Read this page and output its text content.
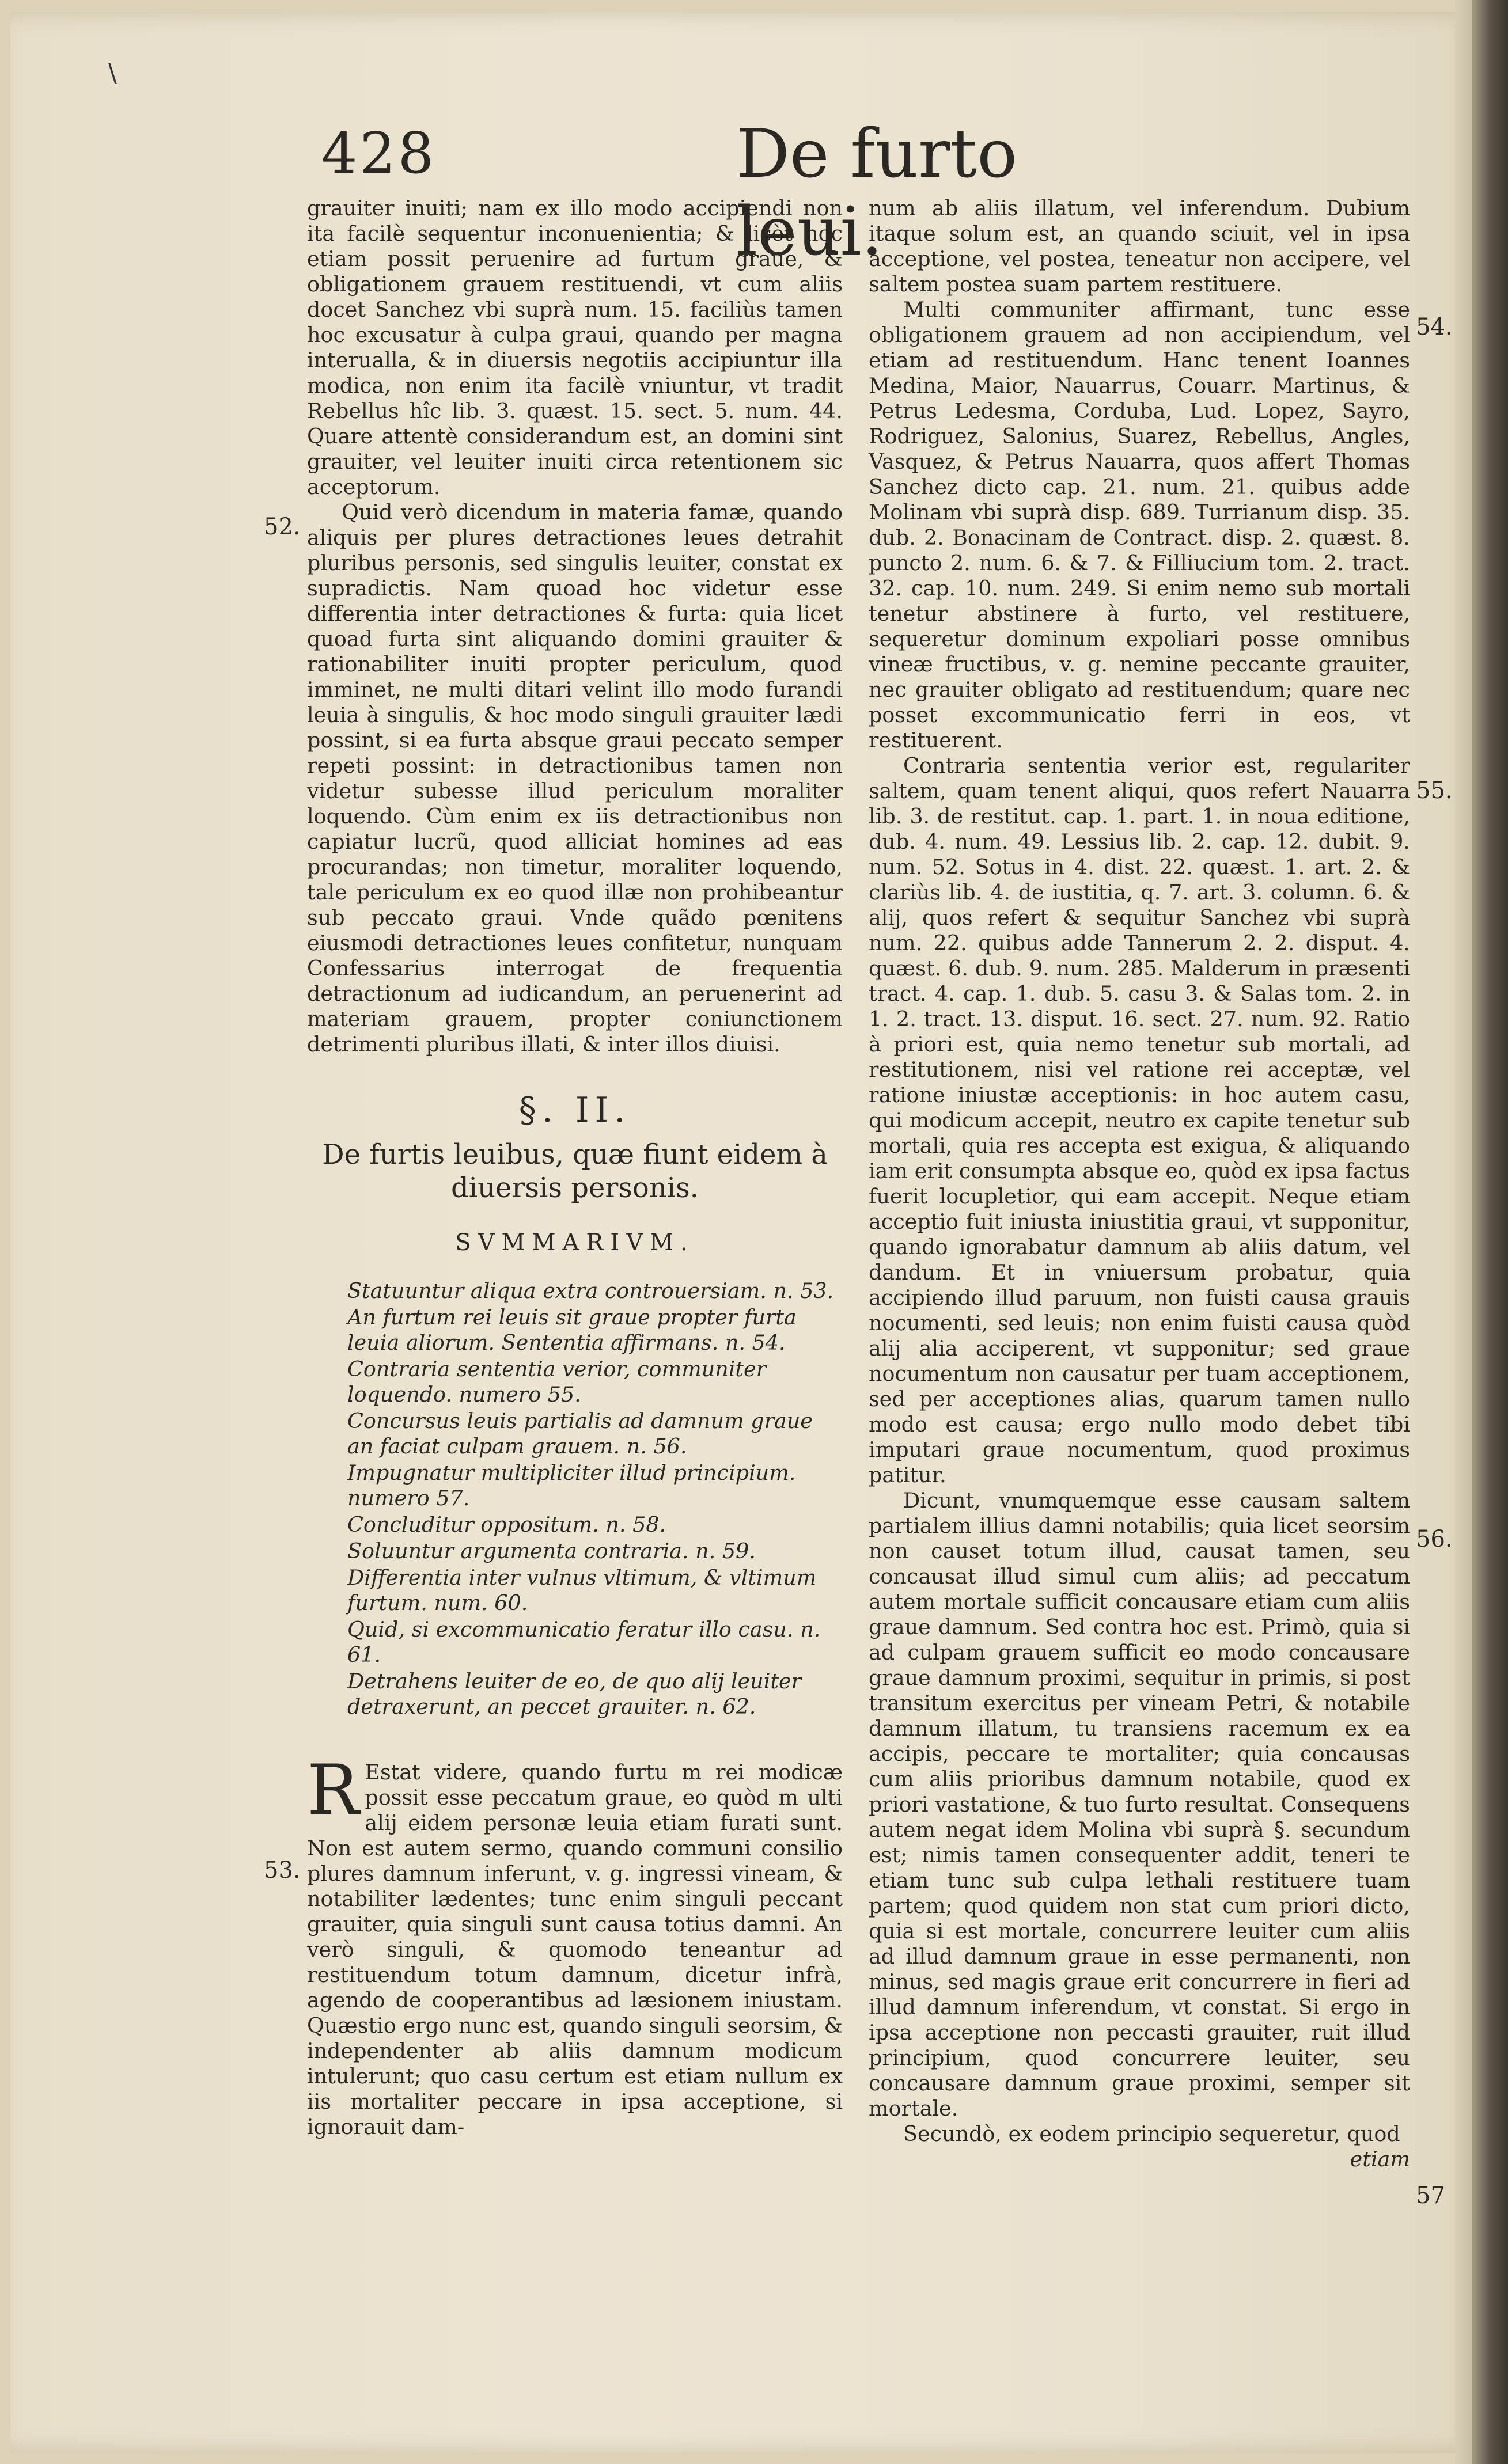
\
428	De furto leui.
52.
53.
54.
55.
56.
57

grauiter inuiti; nam ex illo modo accipiendi non ita facilè sequentur inconuenientia; & licèt hoc etiam possit peruenire ad furtum graue, & obligationem grauem restituendi, vt cum aliis docet Sanchez vbi suprà num. 15. faciliùs tamen hoc excusatur à culpa graui, quando per magna interualla, & in diuersis negotiis accipiuntur illa modica, non enim ita facilè vniuntur, vt tradit Rebellus hîc lib. 3. quæst. 15. sect. 5. num. 44. Quare attentè considerandum est, an domini sint grauiter, vel leuiter inuiti circa retentionem sic acceptorum.

Quid verò dicendum in materia famæ, quando aliquis per plures detractiones leues detrahit pluribus personis, sed singulis leuiter, constat ex supradictis. Nam quoad hoc videtur esse differentia inter detractiones & furta: quia licet quoad furta sint aliquando domini grauiter & rationabiliter inuiti propter periculum, quod imminet, ne multi ditari velint illo modo furandi leuia à singulis, & hoc modo singuli grauiter lædi possint, si ea furta absque graui peccato semper repeti possint: in detractionibus tamen non videtur subesse illud periculum moraliter loquendo. Cùm enim ex iis detractionibus non capiatur lucrũ, quod alliciat homines ad eas procurandas; non timetur, moraliter loquendo, tale periculum ex eo quod illæ non prohibeantur sub peccato graui. Vnde quãdo pœnitens eiusmodi detractiones leues confitetur, nunquam Confessarius interrogat de frequentia detractionum ad iudicandum, an peruenerint ad materiam grauem, propter coniunctionem detrimenti pluribus illati, & inter illos diuisi.

§. II.

De furtis leuibus, quæ fiunt eidem à diuersis personis.

SVMMARIVM.

Statuuntur aliqua extra controuersiam. n. 53.

An furtum rei leuis sit graue propter furta leuia aliorum. Sententia affirmans. n. 54.

Contraria sententia verior, communiter loquendo. numero 55.

Concursus leuis partialis ad damnum graue an faciat culpam grauem. n. 56.

Impugnatur multipliciter illud principium. numero 57.

Concluditur oppositum. n. 58.

Soluuntur argumenta contraria. n. 59.

Differentia inter vulnus vltimum, & vltimum furtum. num. 60.

Quid, si excommunicatio feratur illo casu. n. 61.

Detrahens leuiter de eo, de quo alij leuiter detraxerunt, an peccet grauiter. n. 62.

R Estat videre, quando furtu m rei modicæ possit esse peccatum graue, eo quòd m ulti alij eidem personæ leuia etiam furati sunt. Non est autem sermo, quando communi consilio plures damnum inferunt, v. g. ingressi vineam, & notabiliter lædentes; tunc enim singuli peccant grauiter, quia singuli sunt causa totius damni. An verò singuli, & quomodo teneantur ad restituendum totum damnum, dicetur infrà, agendo de cooperantibus ad læsionem iniustam. Quæstio ergo nunc est, quando singuli seorsim, & independenter ab aliis damnum modicum intulerunt; quo casu certum est etiam nullum ex iis mortaliter peccare in ipsa acceptione, si ignorauit dam-

num ab aliis illatum, vel inferendum. Dubium itaque solum est, an quando sciuit, vel in ipsa acceptione, vel postea, teneatur non accipere, vel saltem postea suam partem restituere.

Multi communiter affirmant, tunc esse obligationem grauem ad non accipiendum, vel etiam ad restituendum. Hanc tenent Ioannes Medina, Maior, Nauarrus, Couarr. Martinus, & Petrus Ledesma, Corduba, Lud. Lopez, Sayro, Rodriguez, Salonius, Suarez, Rebellus, Angles, Vasquez, & Petrus Nauarra, quos affert Thomas Sanchez dicto cap. 21. num. 21. quibus adde Molinam vbi suprà disp. 689. Turrianum disp. 35. dub. 2. Bonacinam de Contract. disp. 2. quæst. 8. puncto 2. num. 6. & 7. & Filliucium tom. 2. tract. 32. cap. 10. num. 249. Si enim nemo sub mortali tenetur abstinere à furto, vel restituere, sequeretur dominum expoliari posse omnibus vineæ fructibus, v. g. nemine peccante grauiter, nec grauiter obligato ad restituendum; quare nec posset excommunicatio ferri in eos, vt restituerent.

Contraria sententia verior est, regulariter saltem, quam tenent aliqui, quos refert Nauarra lib. 3. de restitut. cap. 1. part. 1. in noua editione, dub. 4. num. 49. Lessius lib. 2. cap. 12. dubit. 9. num. 52. Sotus in 4. dist. 22. quæst. 1. art. 2. & clariùs lib. 4. de iustitia, q. 7. art. 3. column. 6. & alij, quos refert & sequitur Sanchez vbi suprà num. 22. quibus adde Tannerum 2. 2. disput. 4. quæst. 6. dub. 9. num. 285. Malderum in præsenti tract. 4. cap. 1. dub. 5. casu 3. & Salas tom. 2. in 1. 2. tract. 13. disput. 16. sect. 27. num. 92. Ratio à priori est, quia nemo tenetur sub mortali, ad restitutionem, nisi vel ratione rei acceptæ, vel ratione iniustæ acceptionis: in hoc autem casu, qui modicum accepit, neutro ex capite tenetur sub mortali, quia res accepta est exigua, & aliquando iam erit consumpta absque eo, quòd ex ipsa factus fuerit locupletior, qui eam accepit. Neque etiam acceptio fuit iniusta iniustitia graui, vt supponitur, quando ignorabatur damnum ab aliis datum, vel dandum. Et in vniuersum probatur, quia accipiendo illud paruum, non fuisti causa grauis nocumenti, sed leuis; non enim fuisti causa quòd alij alia acciperent, vt supponitur; sed graue nocumentum non causatur per tuam acceptionem, sed per acceptiones alias, quarum tamen nullo modo est causa; ergo nullo modo debet tibi imputari graue nocumentum, quod proximus patitur.

Dicunt, vnumquemque esse causam saltem partialem illius damni notabilis; quia licet seorsim non causet totum illud, causat tamen, seu concausat illud simul cum aliis; ad peccatum autem mortale sufficit concausare etiam cum aliis graue damnum. Sed contra hoc est. Primò, quia si ad culpam grauem sufficit eo modo concausare graue damnum proximi, sequitur in primis, si post transitum exercitus per vineam Petri, & notabile damnum illatum, tu transiens racemum ex ea accipis, peccare te mortaliter; quia concausas cum aliis prioribus damnum notabile, quod ex priori vastatione, & tuo furto resultat. Consequens autem negat idem Molina vbi suprà §. secundum est; nimis tamen consequenter addit, teneri te etiam tunc sub culpa lethali restituere tuam partem; quod quidem non stat cum priori dicto, quia si est mortale, concurrere leuiter cum aliis ad illud damnum graue in esse permanenti, non minus, sed magis graue erit concurrere in fieri ad illud damnum inferendum, vt constat. Si ergo in ipsa acceptione non peccasti grauiter, ruit illud principium, quod concurrere leuiter, seu concausare damnum graue proximi, semper sit mortale.

Secundò, ex eodem principio sequeretur, quod

etiam
